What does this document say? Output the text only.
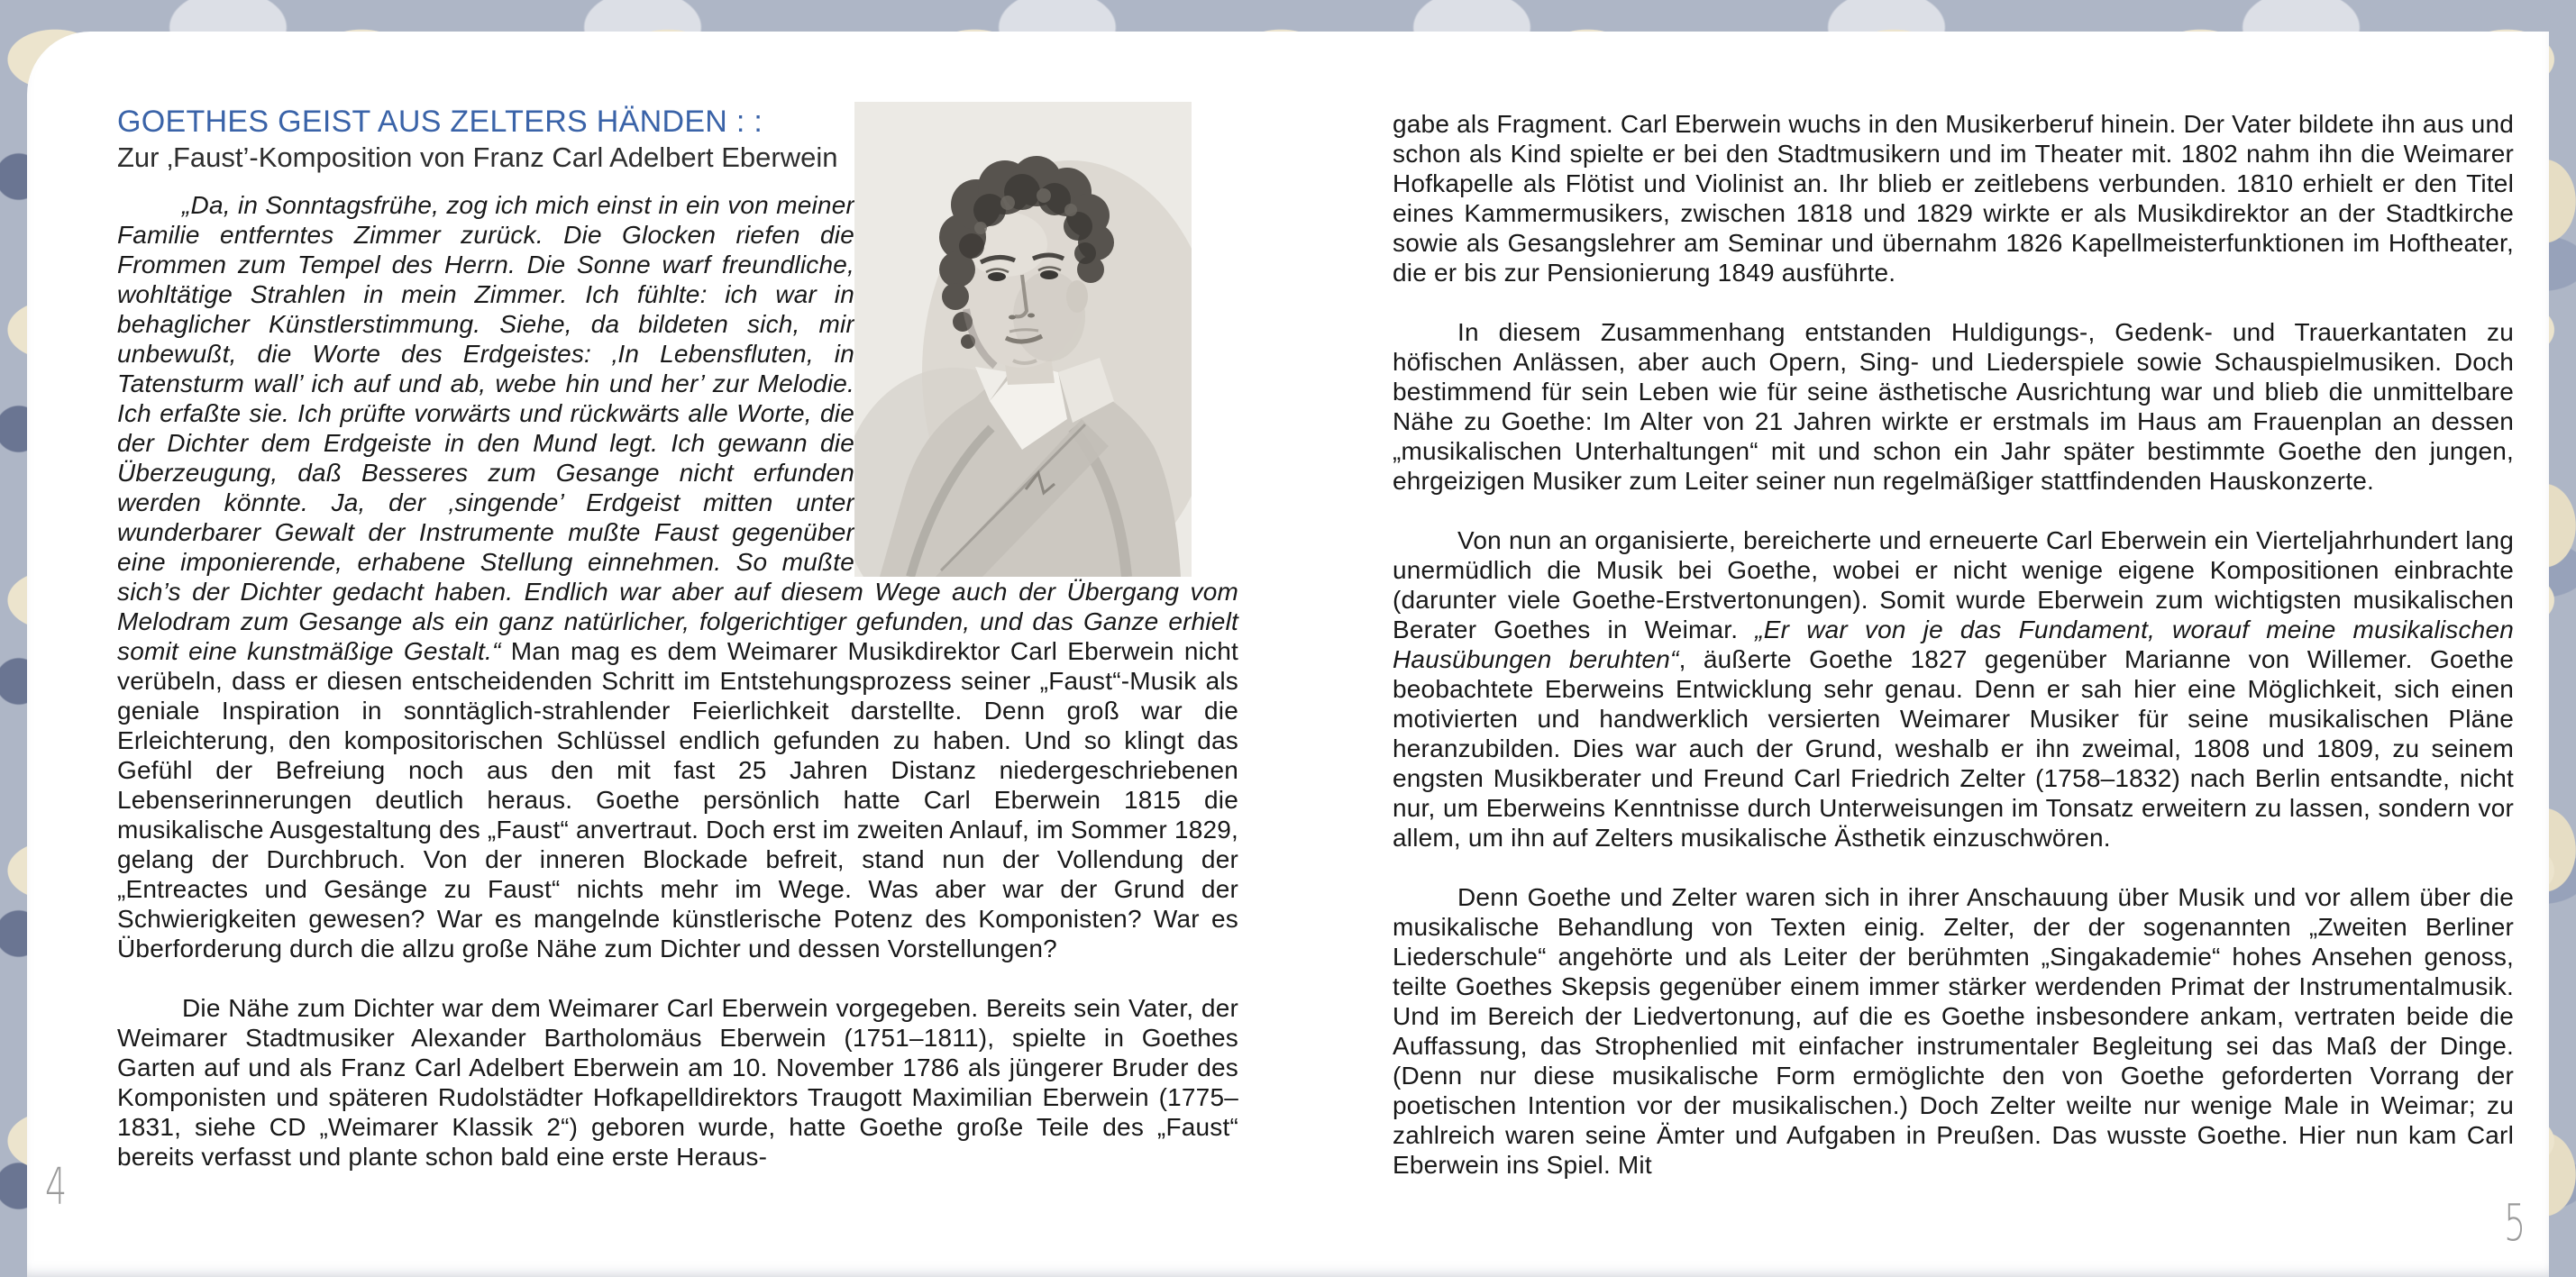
GOETHES GEIST AUS ZELTERS HÄNDEN : :
Zur ‚Faust’-Komposition von Franz Carl Adelbert Eberwein

„Da, in Sonntagsfrühe, zog ich mich einst in ein von meiner Familie entferntes Zimmer zurück. Die Glocken riefen die Frommen zum Tempel des Herrn. Die Sonne warf freundliche, wohltätige Strahlen in mein Zimmer. Ich fühlte: ich war in behaglicher Künstlerstimmung. Siehe, da bildeten sich, mir unbewußt, die Worte des Erdgeistes: ‚In Lebensfluten, in Tatensturm wall’ ich auf und ab, webe hin und her’ zur Melodie. Ich erfaßte sie. Ich prüfte vorwärts und rückwärts alle Worte, die der Dichter dem Erdgeiste in den Mund legt. Ich gewann die Überzeugung, daß Besseres zum Gesange nicht erfunden werden könnte. Ja, der ‚singende’ Erdgeist mitten unter wunderbarer Gewalt der Instrumente mußte Faust gegenüber eine imponierende, erhabene Stellung einnehmen. So mußte sich’s der Dichter gedacht haben. Endlich war aber auf diesem Wege auch der Übergang vom Melodram zum Gesange als ein ganz natürlicher, folgerichtiger gefunden, und das Ganze erhielt somit eine kunstmäßige Gestalt.“ Man mag es dem Weimarer Musikdirektor Carl Eberwein nicht verübeln, dass er diesen entscheidenden Schritt im Entstehungsprozess seiner „Faust“-Musik als geniale Inspiration in sonntäglich-strahlender Feierlichkeit darstellte. Denn groß war die Erleichterung, den kompositorischen Schlüssel endlich gefunden zu haben. Und so klingt das Gefühl der Befreiung noch aus den mit fast 25 Jahren Distanz niedergeschriebenen Lebenserinnerungen deutlich heraus. Goethe persönlich hatte Carl Eberwein 1815 die musikalische Ausgestaltung des „Faust“ anvertraut. Doch erst im zweiten Anlauf, im Sommer 1829, gelang der Durchbruch. Von der inneren Blockade befreit, stand nun der Vollendung der „Entreactes und Gesänge zu Faust“ nichts mehr im Wege. Was aber war der Grund der Schwierigkeiten gewesen? War es mangelnde künstlerische Potenz des Komponisten? War es Überforderung durch die allzu große Nähe zum Dichter und dessen Vorstellungen?

Die Nähe zum Dichter war dem Weimarer Carl Eberwein vorgegeben. Bereits sein Vater, der Weimarer Stadtmusiker Alexander Bartholomäus Eberwein (1751–1811), spielte in Goethes Garten auf und als Franz Carl Adelbert Eberwein am 10. November 1786 als jüngerer Bruder des Komponisten und späteren Rudolstädter Hofkapelldirektors Traugott Maximilian Eberwein (1775–1831, siehe CD „Weimarer Klassik 2“) geboren wurde, hatte Goethe große Teile des „Faust“ bereits verfasst und plante schon bald eine erste Heraus-

gabe als Fragment. Carl Eberwein wuchs in den Musikerberuf hinein. Der Vater bildete ihn aus und schon als Kind spielte er bei den Stadtmusikern und im Theater mit. 1802 nahm ihn die Weimarer Hofkapelle als Flötist und Violinist an. Ihr blieb er zeitlebens verbunden. 1810 erhielt er den Titel eines Kammermusikers, zwischen 1818 und 1829 wirkte er als Musikdirektor an der Stadtkirche sowie als Gesangslehrer am Seminar und übernahm 1826 Kapellmeisterfunktionen im Hoftheater, die er bis zur Pensionierung 1849 ausführte.

In diesem Zusammenhang entstanden Huldigungs-, Gedenk- und Trauerkantaten zu höfischen Anlässen, aber auch Opern, Sing- und Liederspiele sowie Schauspielmusiken. Doch bestimmend für sein Leben wie für seine ästhetische Ausrichtung war und blieb die unmittelbare Nähe zu Goethe: Im Alter von 21 Jahren wirkte er erstmals im Haus am Frauenplan an dessen „musikalischen Unterhaltungen“ mit und schon ein Jahr später bestimmte Goethe den jungen, ehrgeizigen Musiker zum Leiter seiner nun regelmäßiger stattfindenden Hauskonzerte.

Von nun an organisierte, bereicherte und erneuerte Carl Eberwein ein Vierteljahrhundert lang unermüdlich die Musik bei Goethe, wobei er nicht wenige eigene Kompositionen einbrachte (darunter viele Goethe-Erstvertonungen). Somit wurde Eberwein zum wichtigsten musikalischen Berater Goethes in Weimar. „Er war von je das Fundament, worauf meine musikalischen Hausübungen beruhten“, äußerte Goethe 1827 gegenüber Marianne von Willemer. Goethe beobachtete Eberweins Entwicklung sehr genau. Denn er sah hier eine Möglichkeit, sich einen motivierten und handwerklich versierten Weimarer Musiker für seine musikalischen Pläne heranzubilden. Dies war auch der Grund, weshalb er ihn zweimal, 1808 und 1809, zu seinem engsten Musikberater und Freund Carl Friedrich Zelter (1758–1832) nach Berlin entsandte, nicht nur, um Eberweins Kenntnisse durch Unterweisungen im Tonsatz erweitern zu lassen, sondern vor allem, um ihn auf Zelters musikalische Ästhetik einzuschwören.

Denn Goethe und Zelter waren sich in ihrer Anschauung über Musik und vor allem über die musikalische Behandlung von Texten einig. Zelter, der der sogenannten „Zweiten Berliner Liederschule“ angehörte und als Leiter der berühmten „Singakademie“ hohes Ansehen genoss, teilte Goethes Skepsis gegenüber einem immer stärker werdenden Primat der Instrumentalmusik. Und im Bereich der Liedvertonung, auf die es Goethe insbesondere ankam, vertraten beide die Auffassung, das Strophenlied mit einfacher instrumentaler Begleitung sei das Maß der Dinge. (Denn nur diese musikalische Form ermöglichte den von Goethe geforderten Vorrang der poetischen Intention vor der musikalischen.) Doch Zelter weilte nur wenige Male in Weimar; zu zahlreich waren seine Ämter und Aufgaben in Preußen. Das wusste Goethe. Hier nun kam Carl Eberwein ins Spiel. Mit

4
5
